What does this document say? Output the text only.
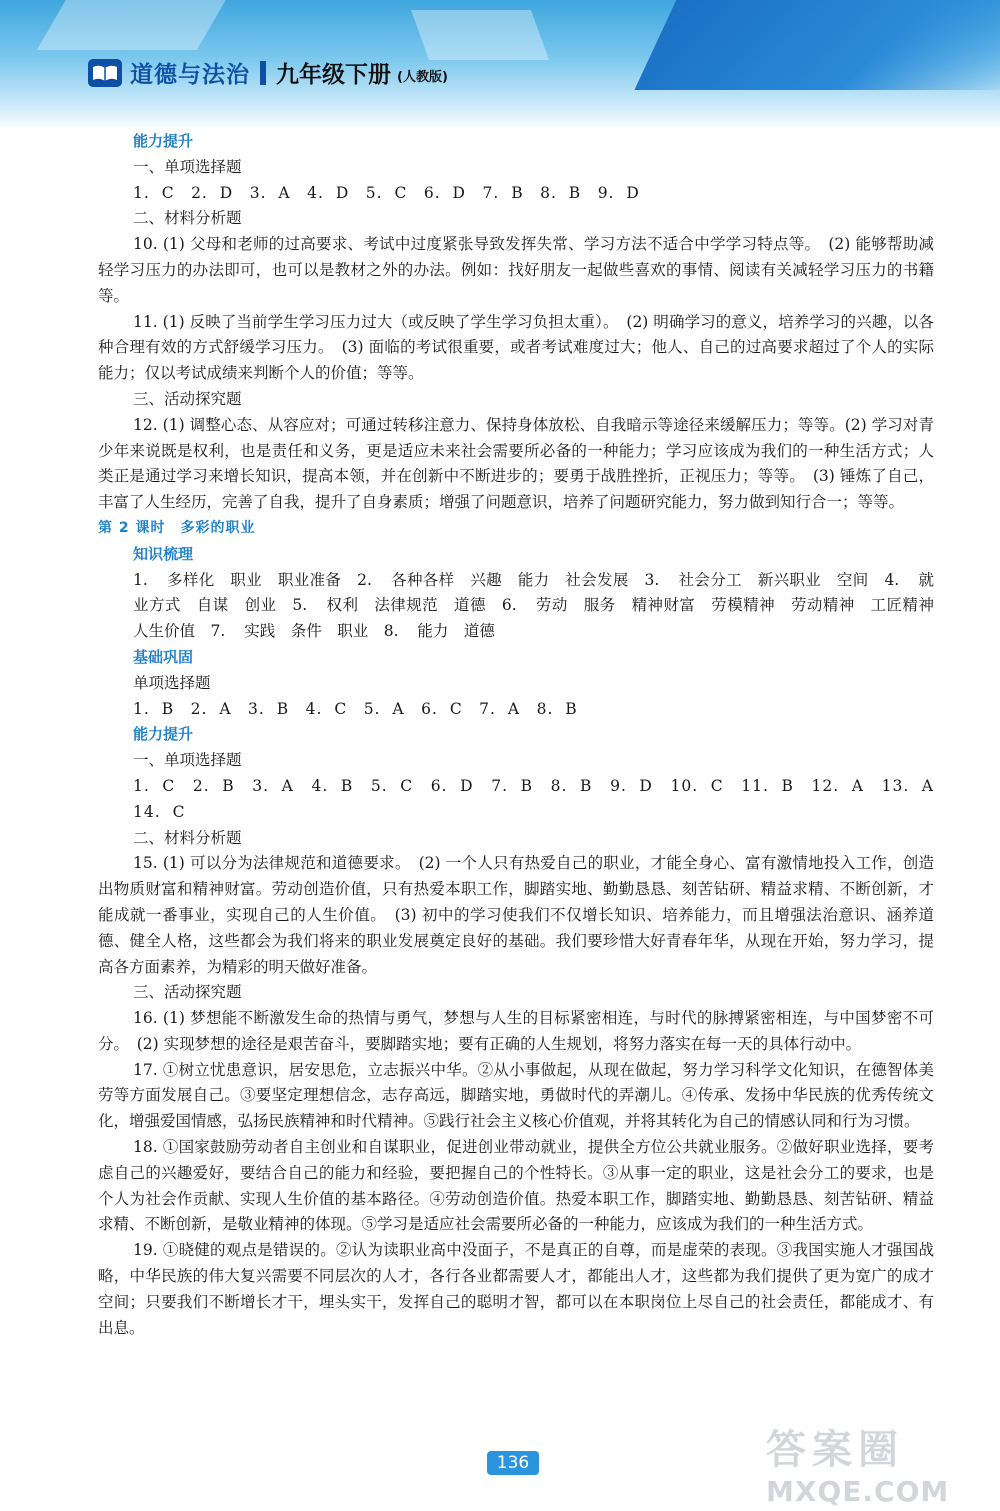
道德与法治 九年级下册 (人教版)

能力提升

一、单项选择题

1. C　2. D　3. A　4. D　5. C　6. D　7. B　8. B　9. D

二、材料分析题

10. (1) 父母和老师的过高要求、考试中过度紧张导致发挥失常、学习方法不适合中学学习特点等。　(2) 能够帮助减轻学习压力的办法即可，也可以是教材之外的办法。例如：找好朋友一起做些喜欢的事情、阅读有关减轻学习压力的书籍等。

11. (1) 反映了当前学生学习压力过大（或反映了学生学习负担太重）。　(2) 明确学习的意义，培养学习的兴趣，以各种合理有效的方式舒缓学习压力。　(3) 面临的考试很重要，或者考试难度过大；他人、自己的过高要求超过了个人的实际能力；仅以考试成绩来判断个人的价值；等等。

三、活动探究题

12. (1) 调整心态、从容应对；可通过转移注意力、保持身体放松、自我暗示等途径来缓解压力；等等。(2) 学习对青少年来说既是权利，也是责任和义务，更是适应未来社会需要所必备的一种能力；学习应该成为我们的一种生活方式；人类正是通过学习来增长知识，提高本领，并在创新中不断进步的；要勇于战胜挫折，正视压力；等等。　(3) 锤炼了自己，丰富了人生经历，完善了自我，提升了自身素质；增强了问题意识，培养了问题研究能力，努力做到知行合一；等等。

第 2 课时　多彩的职业

知识梳理

1. 多样化　职业　职业准备　2. 各种各样　兴趣　能力　社会发展　3. 社会分工　新兴职业　空间　4. 就业方式　自谋　创业　5. 权利　法律规范　道德　6. 劳动　服务　精神财富　劳模精神　劳动精神　工匠精神　人生价值　7. 实践　条件　职业　8. 能力　道德

基础巩固

单项选择题

1. B　2. A　3. B　4. C　5. A　6. C　7. A　8. B

能力提升

一、单项选择题

1. C　2. B　3. A　4. B　5. C　6. D　7. B　8. B　9. D　10. C　11. B　12. A　13. A　14. C

二、材料分析题

15. (1) 可以分为法律规范和道德要求。　(2) 一个人只有热爱自己的职业，才能全身心、富有激情地投入工作，创造出物质财富和精神财富。劳动创造价值，只有热爱本职工作，脚踏实地、勤勤恳恳、刻苦钻研、精益求精、不断创新，才能成就一番事业，实现自己的人生价值。　(3) 初中的学习使我们不仅增长知识、培养能力，而且增强法治意识、涵养道德、健全人格，这些都会为我们将来的职业发展奠定良好的基础。我们要珍惜大好青春年华，从现在开始，努力学习，提高各方面素养，为精彩的明天做好准备。

三、活动探究题

16. (1) 梦想能不断激发生命的热情与勇气，梦想与人生的目标紧密相连，与时代的脉搏紧密相连，与中国梦密不可分。　(2) 实现梦想的途径是艰苦奋斗，要脚踏实地；要有正确的人生规划，将努力落实在每一天的具体行动中。

17. ①树立忧患意识，居安思危，立志振兴中华。②从小事做起，从现在做起，努力学习科学文化知识，在德智体美劳等方面发展自己。③要坚定理想信念，志存高远，脚踏实地，勇做时代的弄潮儿。④传承、发扬中华民族的优秀传统文化，增强爱国情感，弘扬民族精神和时代精神。⑤践行社会主义核心价值观，并将其转化为自己的情感认同和行为习惯。

18. ①国家鼓励劳动者自主创业和自谋职业，促进创业带动就业，提供全方位公共就业服务。②做好职业选择，要考虑自己的兴趣爱好，要结合自己的能力和经验，要把握自己的个性特长。③从事一定的职业，这是社会分工的要求，也是个人为社会作贡献、实现人生价值的基本路径。④劳动创造价值。热爱本职工作，脚踏实地、勤勤恳恳、刻苦钻研、精益求精、不断创新，是敬业精神的体现。⑤学习是适应社会需要所必备的一种能力，应该成为我们的一种生活方式。

19. ①晓健的观点是错误的。②认为读职业高中没面子，不是真正的自尊，而是虚荣的表现。③我国实施人才强国战略，中华民族的伟大复兴需要不同层次的人才，各行各业都需要人才，都能出人才，这些都为我们提供了更为宽广的成才空间；只要我们不断增长才干，埋头实干，发挥自己的聪明才智，都可以在本职岗位上尽自己的社会责任，都能成才、有出息。

136	答案圈
MXQE.COM
